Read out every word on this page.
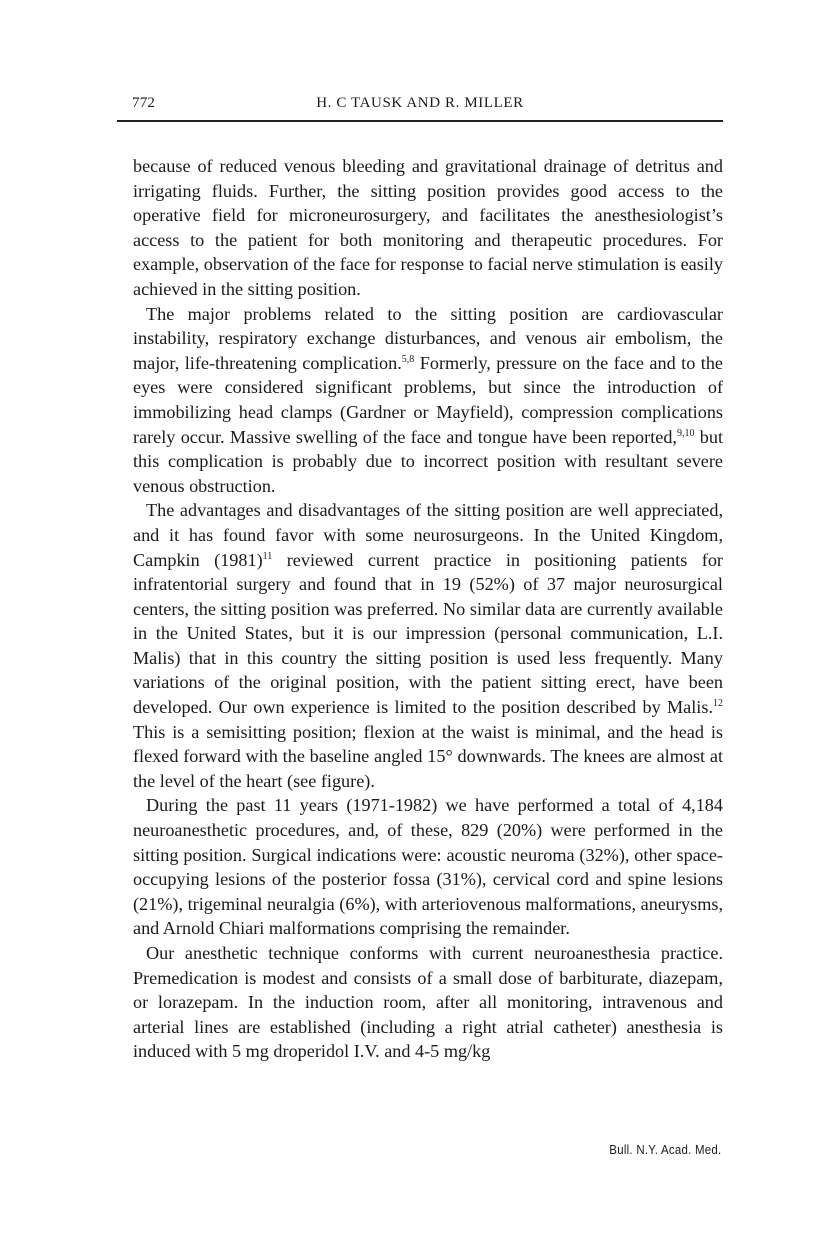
772	H. C TAUSK AND R. MILLER

because of reduced venous bleeding and gravitational drainage of detritus and irrigating fluids. Further, the sitting position provides good access to the operative field for microneurosurgery, and facilitates the anesthesiologist’s access to the patient for both monitoring and therapeutic procedures. For example, observation of the face for response to facial nerve stimulation is easily achieved in the sitting position.

The major problems related to the sitting position are cardiovascular instability, respiratory exchange disturbances, and venous air embolism, the major, life-threatening complication.$^{5,8}$ Formerly, pressure on the face and to the eyes were considered significant problems, but since the introduction of immobilizing head clamps (Gardner or Mayfield), compression complications rarely occur. Massive swelling of the face and tongue have been reported,$^{9,10}$ but this complication is probably due to incorrect position with resultant severe venous obstruction.

The advantages and disadvantages of the sitting position are well appreciated, and it has found favor with some neurosurgeons. In the United Kingdom, Campkin $(1981)^{11}$ reviewed current practice in positioning patients for infratentorial surgery and found that in 19 (52%) of 37 major neurosurgical centers, the sitting position was preferred. No similar data are currently available in the United States, but it is our impression (personal communication, L.I. Malis) that in this country the sitting position is used less frequently. Many variations of the original position, with the patient sitting erect, have been developed. Our own experience is limited to the position described by Malis.$^{12}$ This is a semisitting position; flexion at the waist is minimal, and the head is flexed forward with the baseline angled 15° downwards. The knees are almost at the level of the heart (see figure).

During the past 11 years (1971-1982) we have performed a total of 4,184 neuroanesthetic procedures, and, of these, 829 (20%) were performed in the sitting position. Surgical indications were: acoustic neuroma (32%), other space-occupying lesions of the posterior fossa (31%), cervical cord and spine lesions (21%), trigeminal neuralgia (6%), with arteriovenous malformations, aneurysms, and Arnold Chiari malformations comprising the remainder.

Our anesthetic technique conforms with current neuroanesthesia practice. Premedication is modest and consists of a small dose of barbiturate, diazepam, or lorazepam. In the induction room, after all monitoring, intravenous and arterial lines are established (including a right atrial catheter) anesthesia is induced with 5 mg droperidol I.V. and 4-5 mg/kg

Bull. N.Y. Acad. Med.
